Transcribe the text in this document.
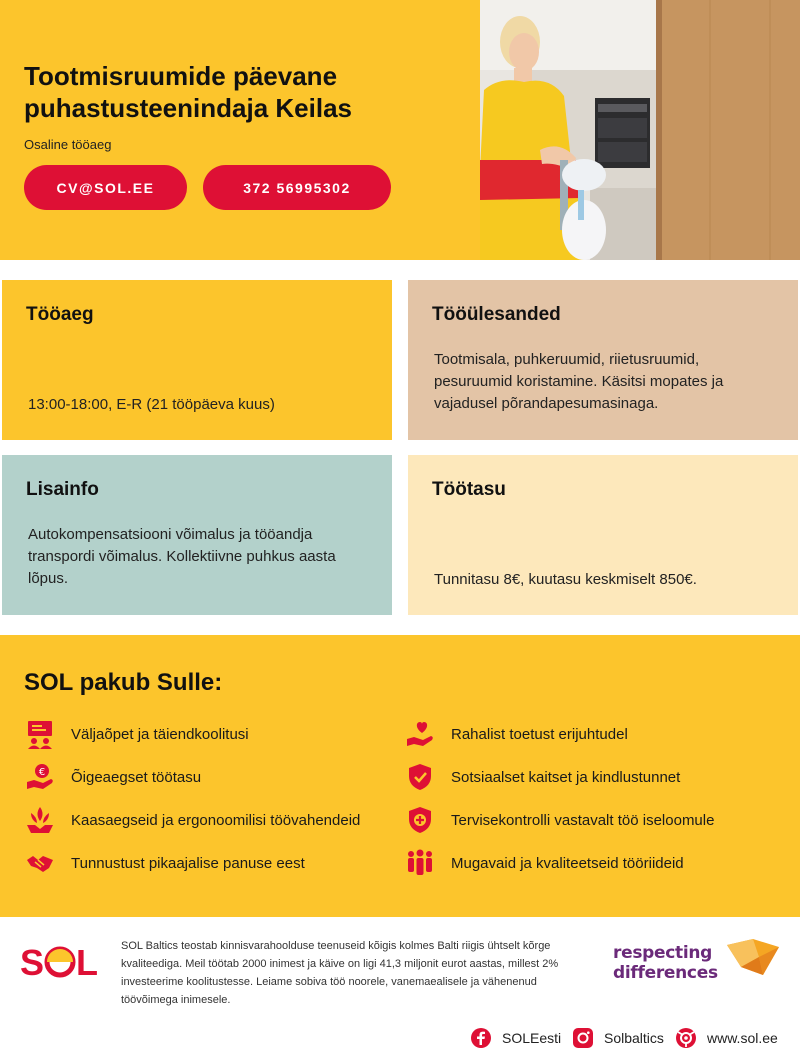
Tootmisruumide päevane puhastusteenindaja Keilas
Osaline tööaeg
CV@SOL.EE	372 56995302
Tööaeg

13:00-18:00, E-R (21 tööpäeva kuus)

Tööülesanded

Tootmisala, puhkeruumid, riietusruumid, pesuruumid koristamine. Käsitsi mopates ja vajadusel põrandapesumasinaga.

Lisainfo

Autokompensatsiooni võimalus ja tööandja transpordi võimalus. Kollektiivne puhkus aasta lõpus.

Töötasu

Tunnitasu 8€, kuutasu keskmiselt 850€.

SOL pakub Sulle:
Väljaõpet ja täiendkoolitusi
€ Õigeaegset töötasu
Kaasaegseid ja ergonoomilisi töövahendeid
Tunnustust pikaajalise panuse eest
Rahalist toetust erijuhtudel
Sotsiaalset kaitset ja kindlustunnet
Tervisekontrolli vastavalt töö iseloomule
Mugavaid ja kvaliteetseid tööriideid
S L SOL Baltics teostab kinnisvarahoolduse teenuseid kõigis kolmes Balti riigis ühtselt kõrge kvaliteediga. Meil töötab 2000 inimest ja käive on ligi 41,3 miljonit eurot aastas, millest 2% investeerime koolitustesse. Leiame sobiva töö noorele, vanemaealisele ja vähenenud töövõimega inimesele.

respecting
differences
SOLEesti	Solbaltics	www.sol.ee
